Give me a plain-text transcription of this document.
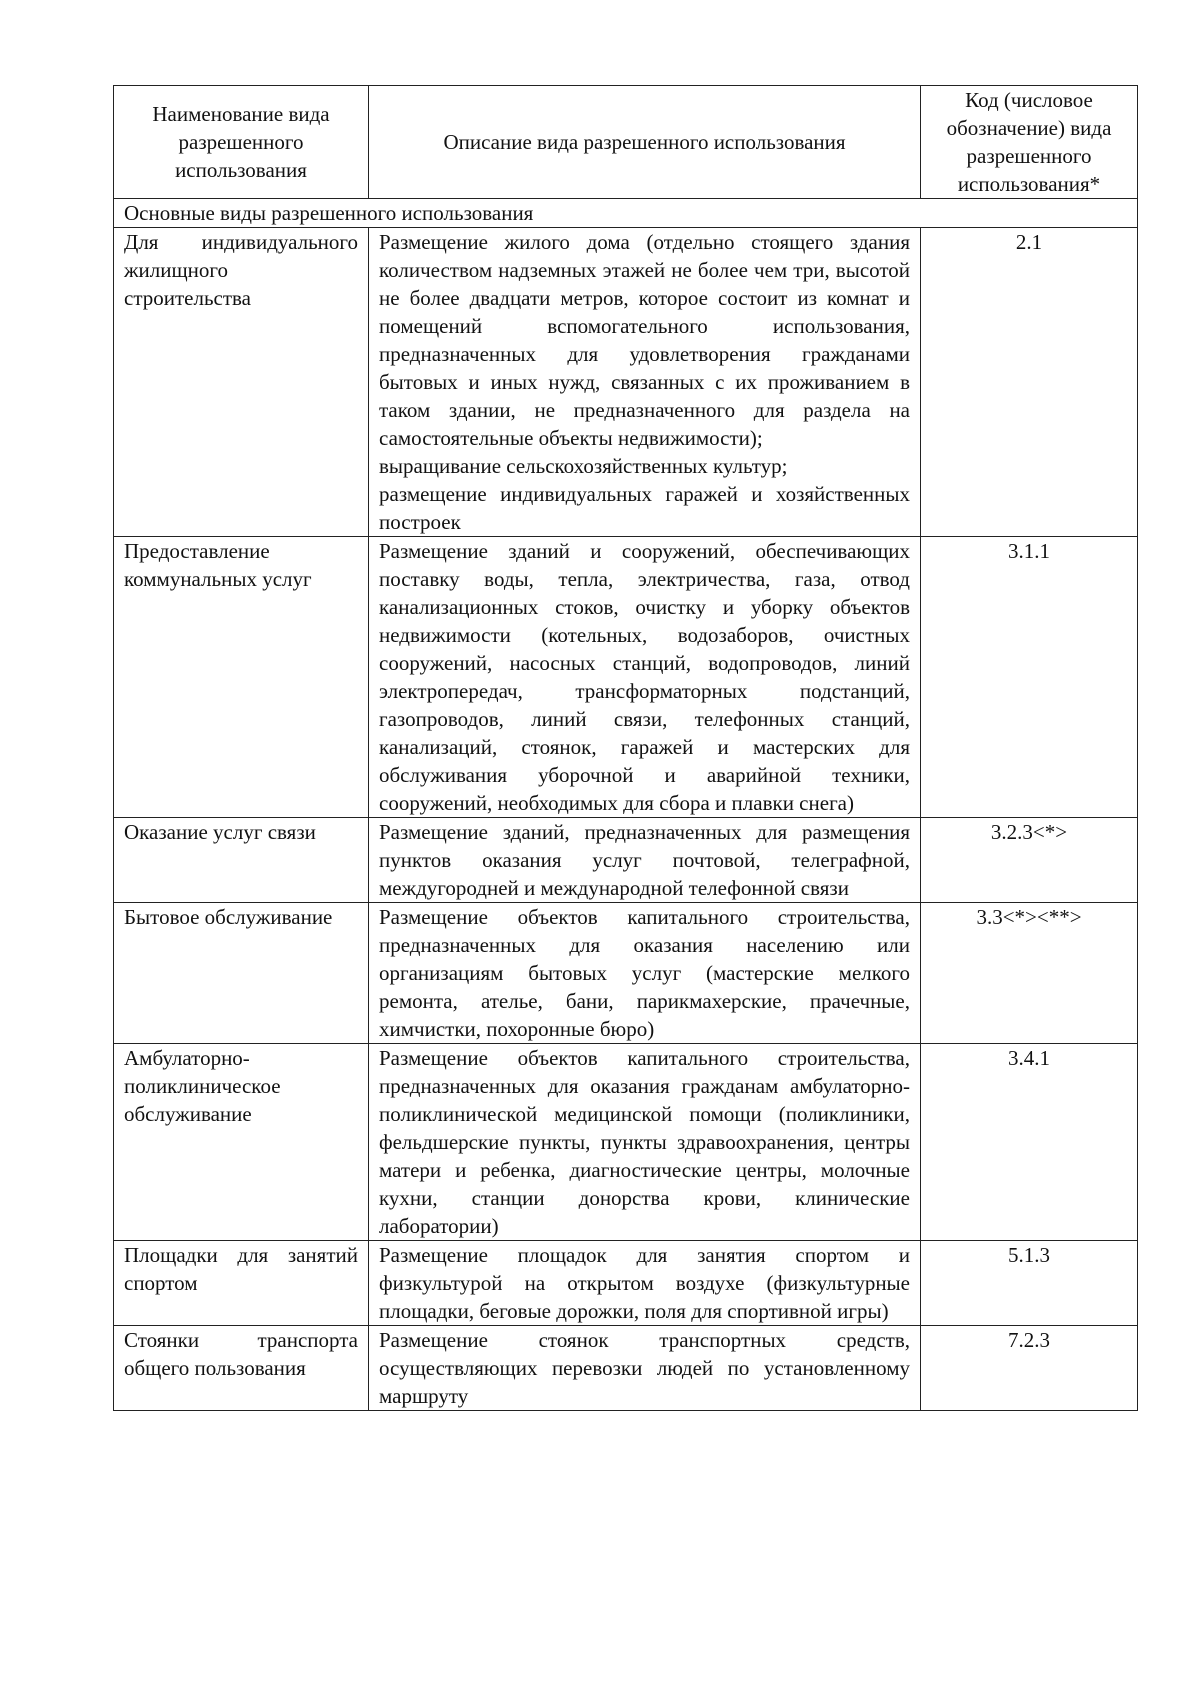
Наименование вида разрешенного использования	Описание вида разрешенного использования	Код (числовое обозначение) вида разрешенного использования*
Основные виды разрешенного использования		
Для индивидуального жилищного строительства	Размещение жилого дома (отдельно стоящего здания количеством надземных этажей не более чем три, высотой не более двадцати метров, которое состоит из комнат и помещений вспомогательного использования, предназначенных для удовлетворения гражданами бытовых и иных нужд, связанных с их проживанием в таком здании, не предназначенного для раздела на самостоятельные объекты недвижимости);
выращивание сельскохозяйственных культур;
размещение индивидуальных гаражей и хозяйственных построек	2.1
Предоставление коммунальных услуг	Размещение зданий и сооружений, обеспечивающих поставку воды, тепла, электричества, газа, отвод канализационных стоков, очистку и уборку объектов недвижимости (котельных, водозаборов, очистных сооружений, насосных станций, водопроводов, линий электропередач, трансформаторных подстанций, газопроводов, линий связи, телефонных станций, канализаций, стоянок, гаражей и мастерских для обслуживания уборочной и аварийной техники, сооружений, необходимых для сбора и плавки снега)	3.1.1
Оказание услуг связи	Размещение зданий, предназначенных для размещения пунктов оказания услуг почтовой, телеграфной, междугородней и международной телефонной связи	3.2.3<*>
Бытовое обслуживание	Размещение объектов капитального строительства, предназначенных для оказания населению или организациям бытовых услуг (мастерские мелкого ремонта, ателье, бани, парикмахерские, прачечные, химчистки, похоронные бюро)	3.3<*><**>
Амбулаторно-поликлиническое обслуживание	Размещение объектов капитального строительства, предназначенных для оказания гражданам амбулаторно-поликлинической медицинской помощи (поликлиники, фельдшерские пункты, пункты здравоохранения, центры матери и ребенка, диагностические центры, молочные кухни, станции донорства крови, клинические лаборатории)	3.4.1
Площадки для занятий спортом	Размещение площадок для занятия спортом и физкультурой на открытом воздухе (физкультурные площадки, беговые дорожки, поля для спортивной игры)	5.1.3
Стоянки транспорта общего пользования	Размещение стоянок транспортных средств, осуществляющих перевозки людей по установленному маршруту	7.2.3
